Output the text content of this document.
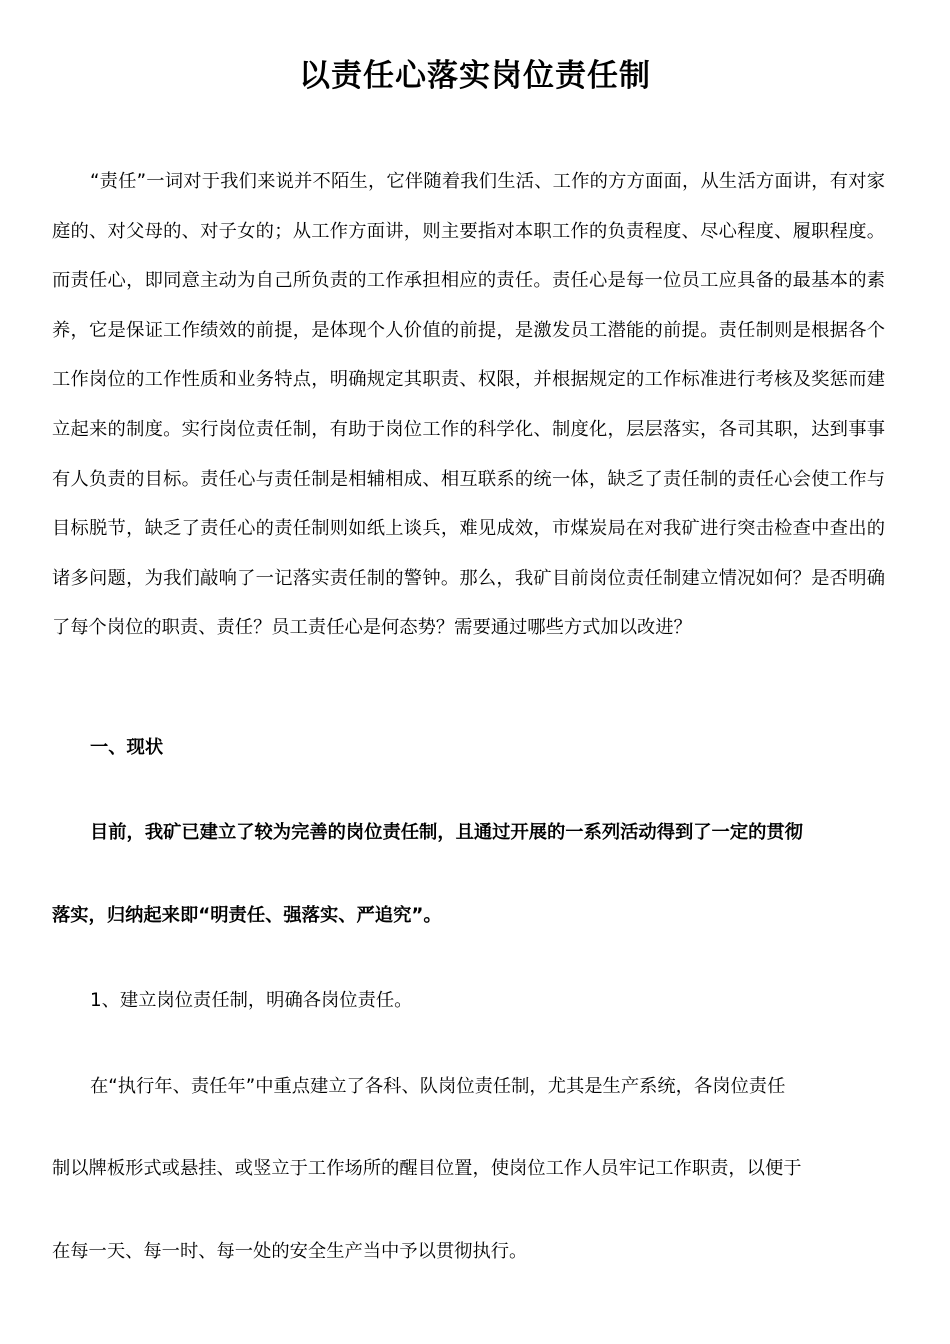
以责任心落实岗位责任制

“责任”一词对于我们来说并不陌生，它伴随着我们生活、工作的方方面面，从生活方面讲，有对家庭的、对父母的、对子女的；从工作方面讲，则主要指对本职工作的负责程度、尽心程度、履职程度。而责任心，即同意主动为自己所负责的工作承担相应的责任。责任心是每一位员工应具备的最基本的素养，它是保证工作绩效的前提，是体现个人价值的前提，是激发员工潜能的前提。责任制则是根据各个工作岗位的工作性质和业务特点，明确规定其职责、权限，并根据规定的工作标准进行考核及奖惩而建立起来的制度。实行岗位责任制，有助于岗位工作的科学化、制度化，层层落实，各司其职，达到事事有人负责的目标。责任心与责任制是相辅相成、相互联系的统一体，缺乏了责任制的责任心会使工作与目标脱节，缺乏了责任心的责任制则如纸上谈兵，难见成效，市煤炭局在对我矿进行突击检查中查出的诸多问题，为我们敲响了一记落实责任制的警钟。那么，我矿目前岗位责任制建立情况如何？是否明确了每个岗位的职责、责任？员工责任心是何态势？需要通过哪些方式加以改进？

一、现状

目前，我矿已建立了较为完善的岗位责任制，且通过开展的一系列活动得到了一定的贯彻

落实，归纳起来即“明责任、强落实、严追究”。

1、建立岗位责任制，明确各岗位责任。

在“执行年、责任年”中重点建立了各科、队岗位责任制，尤其是生产系统，各岗位责任

制以牌板形式或悬挂、或竖立于工作场所的醒目位置，使岗位工作人员牢记工作职责，以便于

在每一天、每一时、每一处的安全生产当中予以贯彻执行。
